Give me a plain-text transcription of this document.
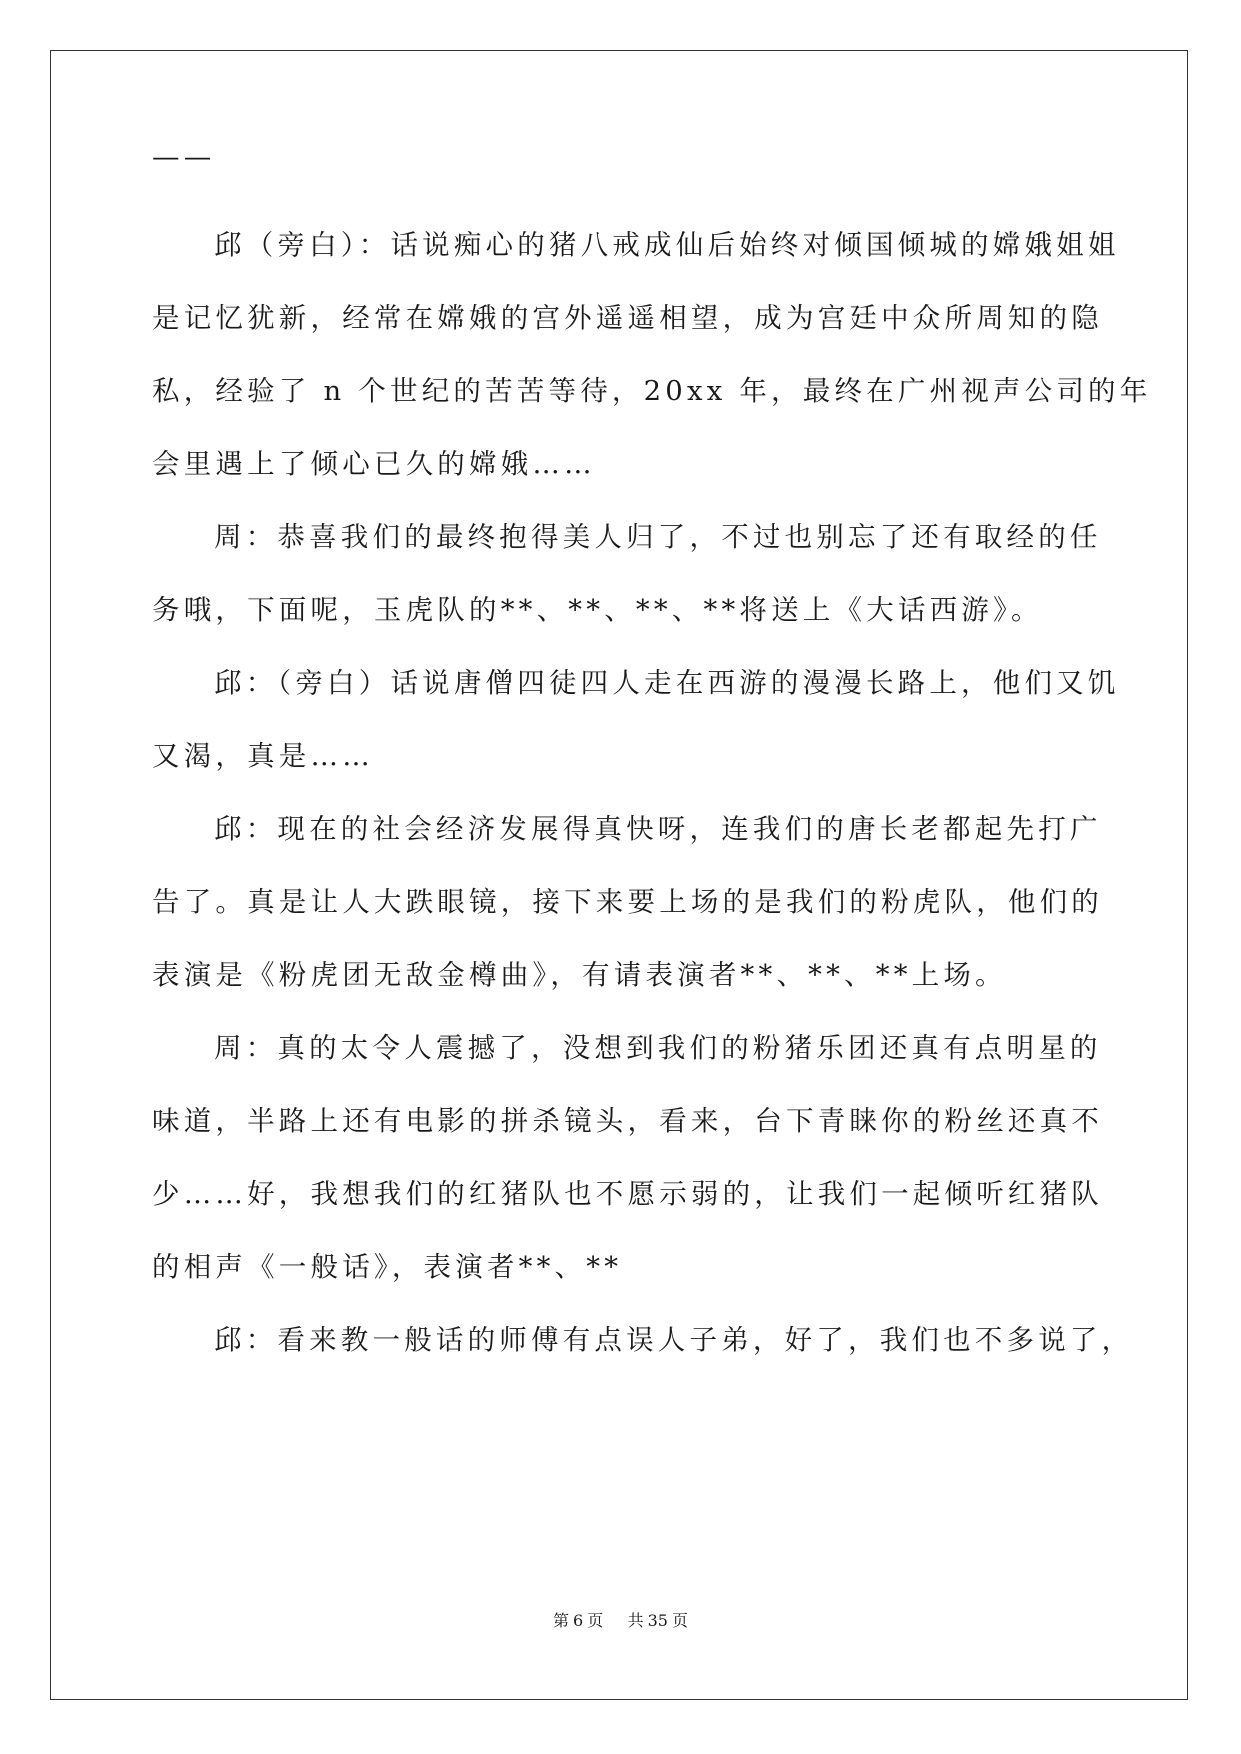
——
邱（旁白）：话说痴心的猪八戒成仙后始终对倾国倾城的嫦娥姐姐
是记忆犹新，经常在嫦娥的宫外遥遥相望，成为宫廷中众所周知的隐
私，经验了 n 个世纪的苦苦等待，20xx 年，最终在广州视声公司的年
会里遇上了倾心已久的嫦娥……
周：恭喜我们的最终抱得美人归了，不过也别忘了还有取经的任
务哦，下面呢，玉虎队的**、**、**、**将送上《大话西游》。
邱：（旁白）话说唐僧四徒四人走在西游的漫漫长路上，他们又饥
又渴，真是……
邱：现在的社会经济发展得真快呀，连我们的唐长老都起先打广
告了。真是让人大跌眼镜，接下来要上场的是我们的粉虎队，他们的
表演是《粉虎团无敌金樽曲》，有请表演者**、**、**上场。
周：真的太令人震撼了，没想到我们的粉猪乐团还真有点明星的
味道，半路上还有电影的拼杀镜头，看来，台下青睐你的粉丝还真不
少……好，我想我们的红猪队也不愿示弱的，让我们一起倾听红猪队
的相声《一般话》，表演者**、**
邱：看来教一般话的师傅有点误人子弟，好了，我们也不多说了，
第 6 页 共 35 页
